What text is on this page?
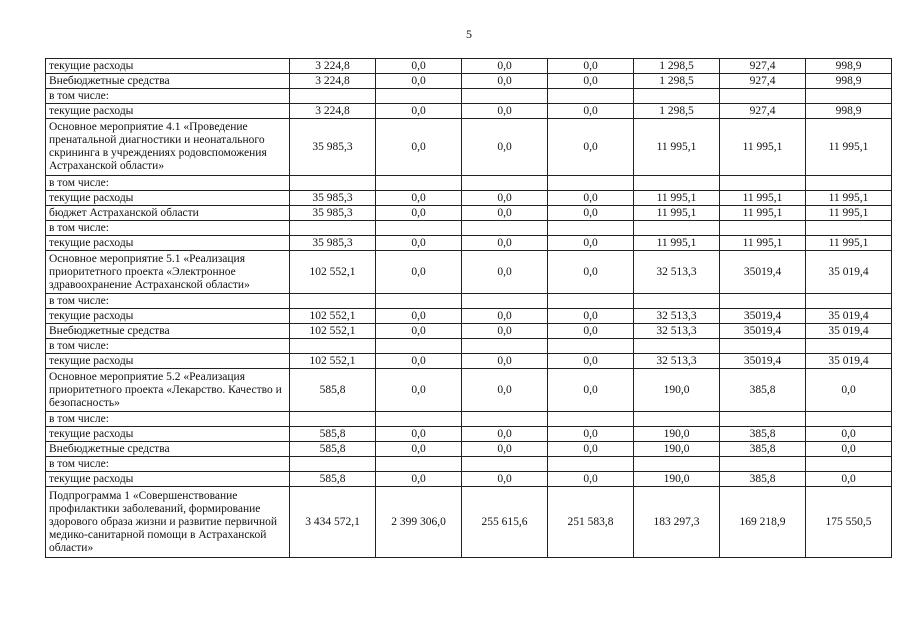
5
текущие расходы	3 224,8	0,0	0,0	0,0	1 298,5	927,4	998,9
Внебюджетные средства	3 224,8	0,0	0,0	0,0	1 298,5	927,4	998,9
в том числе:							
текущие расходы	3 224,8	0,0	0,0	0,0	1 298,5	927,4	998,9
Основное мероприятие 4.1 «Проведение пренатальной диагностики и неонатального скрининга в учреждениях родовспоможения Астраханской области»	35 985,3	0,0	0,0	0,0	11 995,1	11 995,1	11 995,1
в том числе:							
текущие расходы	35 985,3	0,0	0,0	0,0	11 995,1	11 995,1	11 995,1
бюджет Астраханской области	35 985,3	0,0	0,0	0,0	11 995,1	11 995,1	11 995,1
в том числе:							
текущие расходы	35 985,3	0,0	0,0	0,0	11 995,1	11 995,1	11 995,1
Основное мероприятие 5.1 «Реализация приоритетного проекта «Электронное здравоохранение Астраханской области»	102 552,1	0,0	0,0	0,0	32 513,3	35019,4	35 019,4
в том числе:							
текущие расходы	102 552,1	0,0	0,0	0,0	32 513,3	35019,4	35 019,4
Внебюджетные средства	102 552,1	0,0	0,0	0,0	32 513,3	35019,4	35 019,4
в том числе:							
текущие расходы	102 552,1	0,0	0,0	0,0	32 513,3	35019,4	35 019,4
Основное мероприятие 5.2 «Реализация приоритетного проекта «Лекарство. Качество и безопасность»	585,8	0,0	0,0	0,0	190,0	385,8	0,0
в том числе:							
текущие расходы	585,8	0,0	0,0	0,0	190,0	385,8	0,0
Внебюджетные средства	585,8	0,0	0,0	0,0	190,0	385,8	0,0
в том числе:							
текущие расходы	585,8	0,0	0,0	0,0	190,0	385,8	0,0
Подпрограмма 1 «Совершенствование профилактики заболеваний, формирование здорового образа жизни и развитие первичной медико-санитарной помощи в Астраханской области»	3 434 572,1	2 399 306,0	255 615,6	251 583,8	183 297,3	169 218,9	175 550,5
